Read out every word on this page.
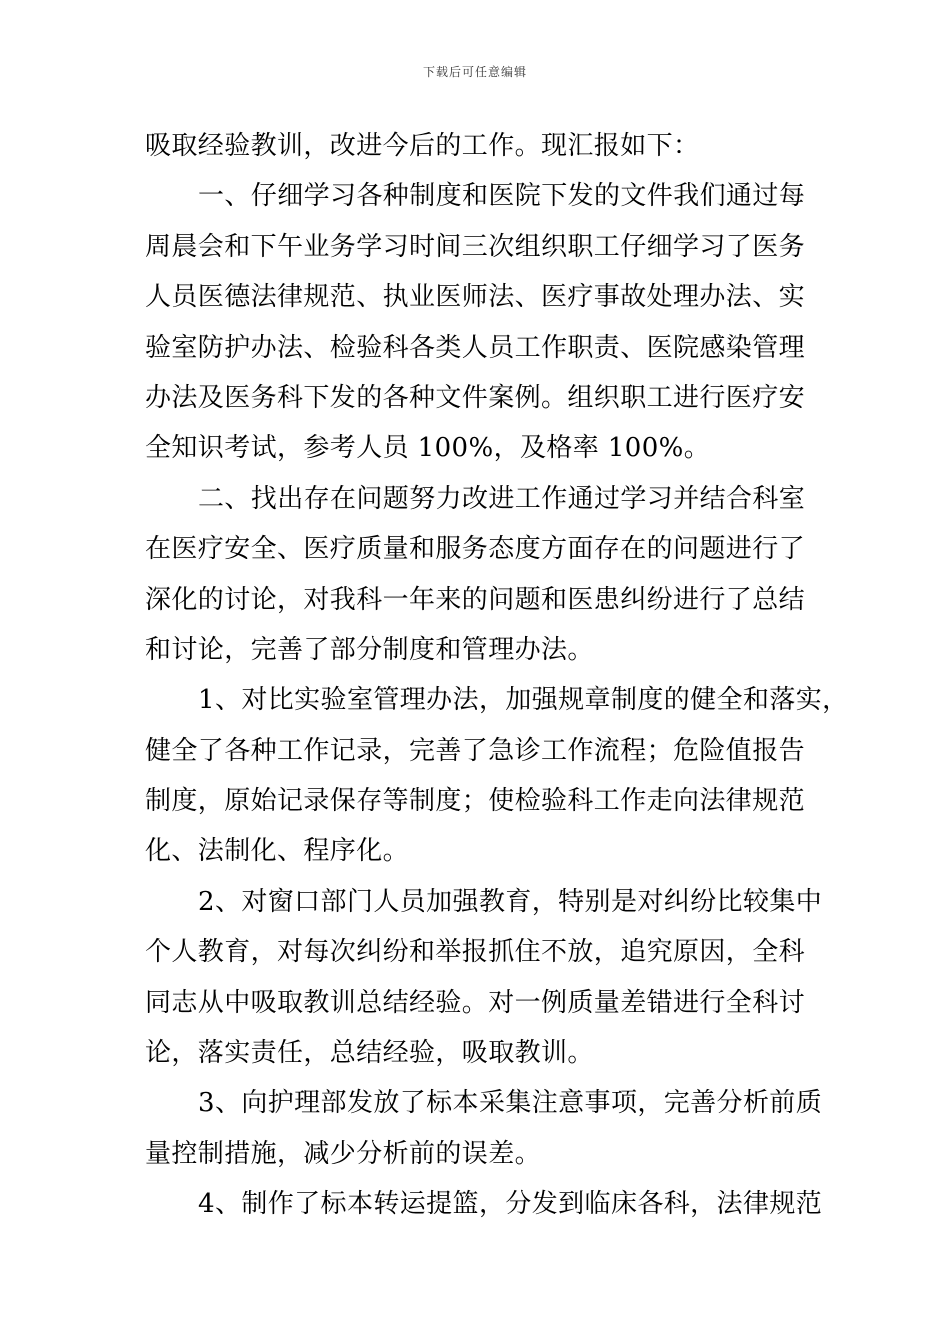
下载后可任意编辑
吸取经验教训，改进今后的工作。现汇报如下：
一、仔细学习各种制度和医院下发的文件我们通过每
周晨会和下午业务学习时间三次组织职工仔细学习了医务
人员医德法律规范、执业医师法、医疗事故处理办法、实
验室防护办法、检验科各类人员工作职责、医院感染管理
办法及医务科下发的各种文件案例。组织职工进行医疗安
全知识考试，参考人员 100%，及格率 100%。
二、找出存在问题努力改进工作通过学习并结合科室
在医疗安全、医疗质量和服务态度方面存在的问题进行了
深化的讨论，对我科一年来的问题和医患纠纷进行了总结
和讨论，完善了部分制度和管理办法。
1、对比实验室管理办法，加强规章制度的健全和落实，
健全了各种工作记录，完善了急诊工作流程；危险值报告
制度，原始记录保存等制度；使检验科工作走向法律规范
化、法制化、程序化。
2、对窗口部门人员加强教育，特别是对纠纷比较集中
个人教育，对每次纠纷和举报抓住不放，追究原因，全科
同志从中吸取教训总结经验。对一例质量差错进行全科讨
论，落实责任，总结经验，吸取教训。
3、向护理部发放了标本采集注意事项，完善分析前质
量控制措施，减少分析前的误差。
4、制作了标本转运提篮，分发到临床各科，法律规范
